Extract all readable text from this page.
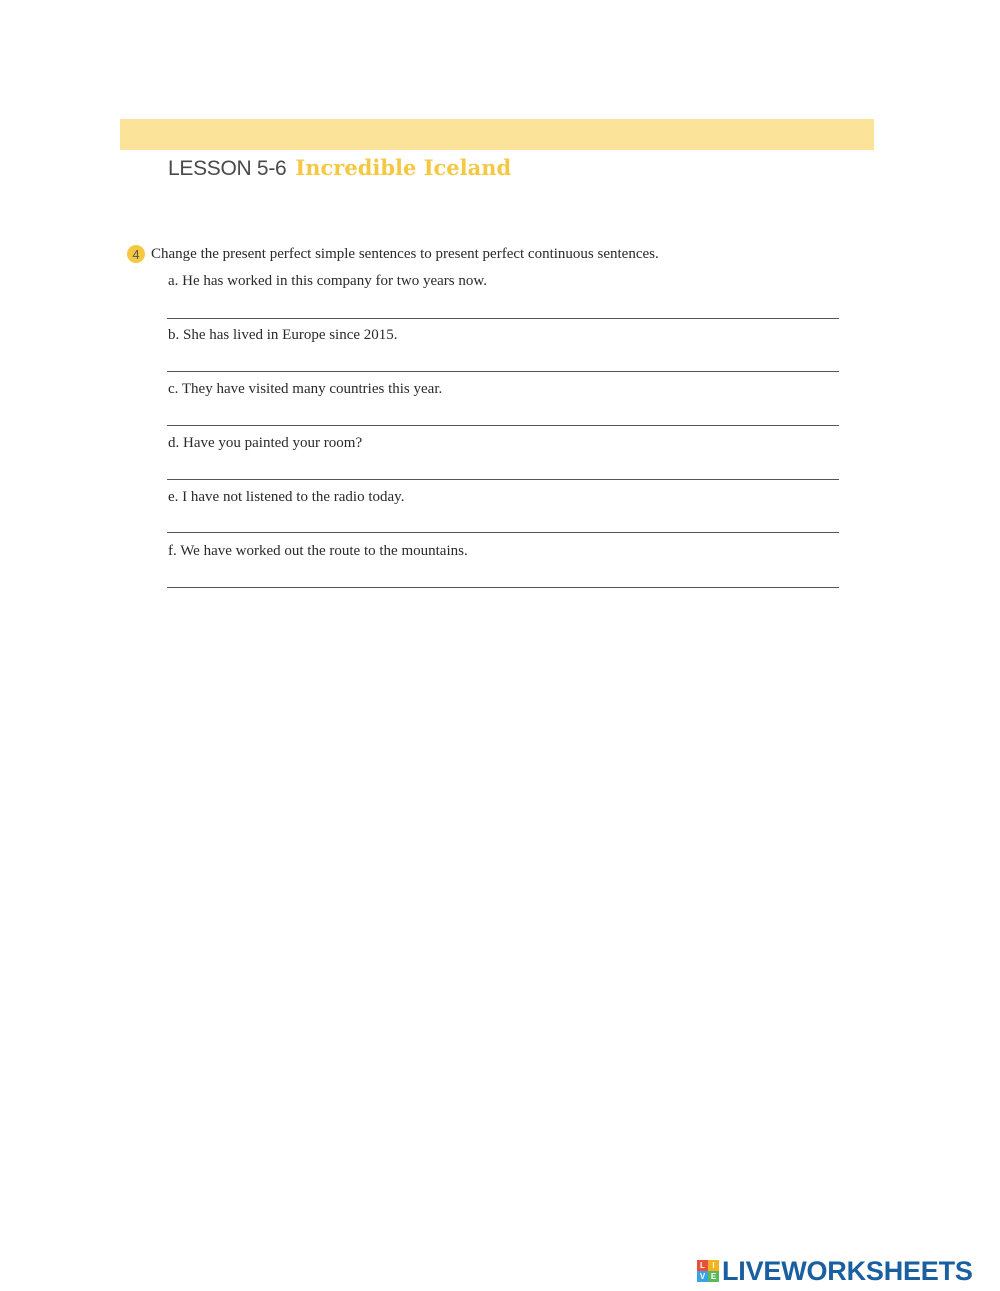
LESSON 5-6 Incredible Iceland
4 Change the present perfect simple sentences to present perfect continuous sentences.
a. He has worked in this company for two years now.
b. She has lived in Europe since 2015.
c. They have visited many countries this year.
d. Have you painted your room?
e. I have not listened to the radio today.
f. We have worked out the route to the mountains.
L I
V E LIVEWORKSHEETS
